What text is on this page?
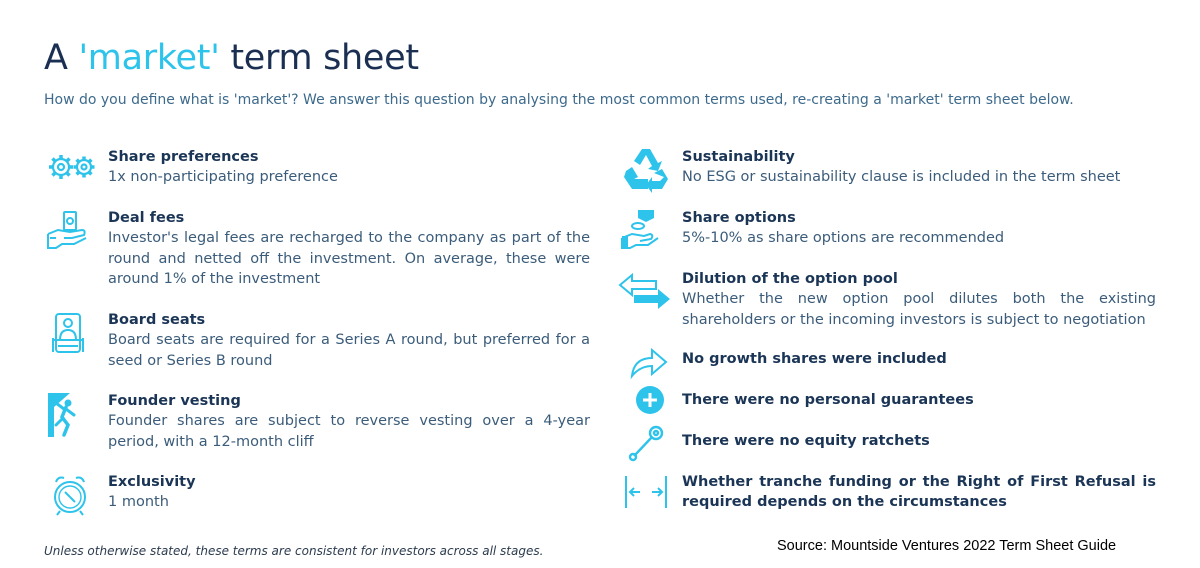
A 'market' term sheet
How do you define what is 'market'? We answer this question by analysing the most common terms used, re-creating a 'market' term sheet below.
Share preferences
1x non-participating preference
Deal fees
Investor's legal fees are recharged to the company as part of the round and netted off the investment. On average, these were around 1% of the investment
Board seats
Board seats are required for a Series A round, but preferred for a seed or Series B round
Founder vesting
Founder shares are subject to reverse vesting over a 4-year period, with a 12-month cliff
Exclusivity
1 month
Sustainability
No ESG or sustainability clause is included in the term sheet
Share options
5%-10% as share options are recommended
Dilution of the option pool
Whether the new option pool dilutes both the existing shareholders or the incoming investors is subject to negotiation
No growth shares were included
There were no personal guarantees
There were no equity ratchets
Whether tranche funding or the Right of First Refusal is required depends on the circumstances
Unless otherwise stated, these terms are consistent for investors across all stages.	Source: Mountside Ventures 2022 Term Sheet Guide
